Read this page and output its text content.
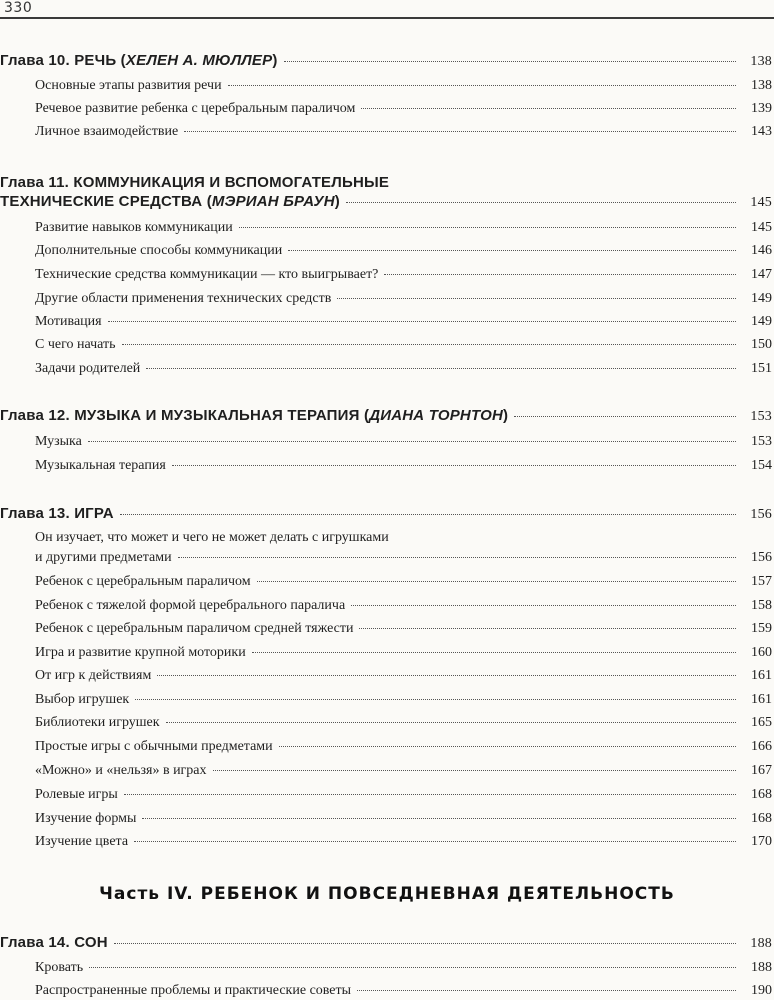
330
Глава 10. РЕЧЬ (ХЕЛЕН А. МЮЛЛЕР)	138
Основные этапы развития речи	138
Речевое развитие ребенка с церебральным параличом	139
Личное взаимодействие	143
Глава 11. КОММУНИКАЦИЯ И ВСПОМОГАТЕЛЬНЫЕ
ТЕХНИЧЕСКИЕ СРЕДСТВА (МЭРИАН БРАУН)	145
Развитие навыков коммуникации	145
Дополнительные способы коммуникации	146
Технические средства коммуникации — кто выигрывает?	147
Другие области применения технических средств	149
Мотивация	149
С чего начать	150
Задачи родителей	151
Глава 12. МУЗЫКА И МУЗЫКАЛЬНАЯ ТЕРАПИЯ (ДИАНА ТОРНТОН)	153
Музыка	153
Музыкальная терапия	154
Глава 13. ИГРА	156
Он изучает, что может и чего не может делать с игрушками
и другими предметами	156
Ребенок с церебральным параличом	157
Ребенок с тяжелой формой церебрального паралича	158
Ребенок с церебральным параличом средней тяжести	159
Игра и развитие крупной моторики	160
От игр к действиям	161
Выбор игрушек	161
Библиотеки игрушек	165
Простые игры с обычными предметами	166
«Можно» и «нельзя» в играх	167
Ролевые игры	168
Изучение формы	168
Изучение цвета	170
Часть IV. РЕБЕНОК И ПОВСЕДНЕВНАЯ ДЕЯТЕЛЬНОСТЬ
Глава 14. СОН	188
Кровать	188
Распространенные проблемы и практические советы	190
